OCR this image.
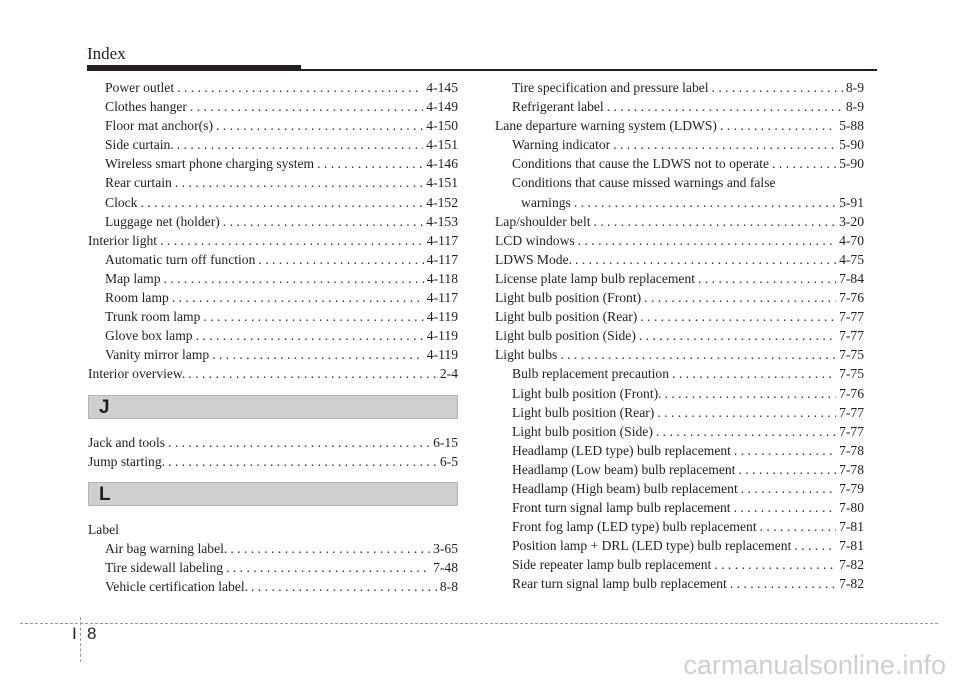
Index
Power outlet . . .	4-145
Clothes hanger . . .	4-149
Floor mat anchor(s) . . .	4-150
Side curtain. . . .	4-151
Wireless smart phone charging system . . .	4-146
Rear curtain . . .	4-151
Clock . . .	4-152
Luggage net (holder) . . .	4-153
Interior light . . .	4-117
Automatic turn off function . . .	4-117
Map lamp . . .	4-118
Room lamp . . .	4-117
Trunk room lamp . . .	4-119
Glove box lamp . . .	4-119
Vanity mirror lamp . . .	4-119
Interior overview. . . .	2-4
J
Jack and tools . . .	6-15
Jump starting. . . .	6-5
L
Label
Air bag warning label. . . .	3-65
Tire sidewall labeling . . .	7-48
Vehicle certification label. . . .	8-8
Tire specification and pressure label . . .	8-9
Refrigerant label . . .	8-9
Lane departure warning system (LDWS) . . .	5-88
Warning indicator . . .	5-90
Conditions that cause the LDWS not to operate . . .	5-90
Conditions that cause missed warnings and false
warnings . . .	5-91
Lap/shoulder belt . . .	3-20
LCD windows . . .	4-70
LDWS Mode. . . .	4-75
License plate lamp bulb replacement . . .	7-84
Light bulb position (Front) . . .	7-76
Light bulb position (Rear) . . .	7-77
Light bulb position (Side) . . .	7-77
Light bulbs . . .	7-75
Bulb replacement precaution . . .	7-75
Light bulb position (Front). . . .	7-76
Light bulb position (Rear) . . .	7-77
Light bulb position (Side) . . .	7-77
Headlamp (LED type) bulb replacement . . .	7-78
Headlamp (Low beam) bulb replacement . . .	7-78
Headlamp (High beam) bulb replacement . . .	7-79
Front turn signal lamp bulb replacement . . .	7-80
Front fog lamp (LED type) bulb replacement . . .	7-81
Position lamp + DRL (LED type) bulb replacement . . .	7-81
Side repeater lamp bulb replacement . . .	7-82
Rear turn signal lamp bulb replacement . . .	7-82
I 8
carmanualsonline.info
